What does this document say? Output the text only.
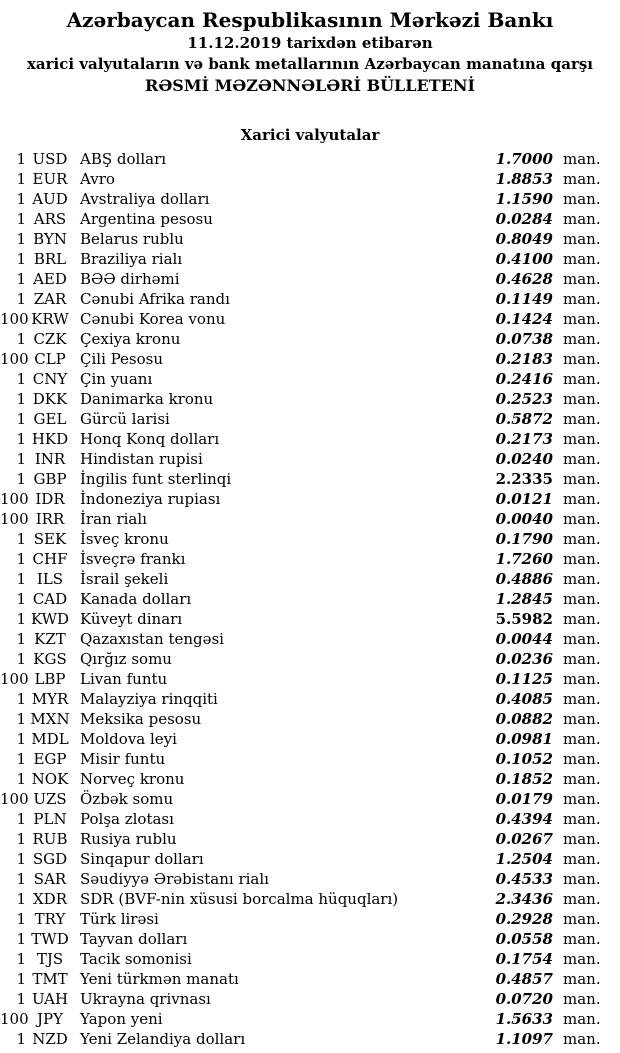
Azərbaycan Respublikasının Mərkəzi Bankı

11.12.2019 tarixdən etibarən

xarici valyutaların və bank metallarının Azərbaycan manatına qarşı

RƏSMİ MƏZƏNNƏLƏRİ BÜLLETENİ

Xarici valyutalar
1 USD ABŞ dolları	1.7000 man.
1 EUR Avro	1.8853 man.
1 AUD Avstraliya dolları	1.1590 man.
1 ARS Argentina pesosu	0.0284 man.
1 BYN Belarus rublu	0.8049 man.
1 BRL Braziliya rialı	0.4100 man.
1 AED BƏƏ dirhəmi	0.4628 man.
1 ZAR Cənubi Afrika randı	0.1149 man.
100 KRW Cənubi Korea vonu	0.1424 man.
1 CZK Çexiya kronu	0.0738 man.
100 CLP Çili Pesosu	0.2183 man.
1 CNY Çin yuanı	0.2416 man.
1 DKK Danimarka kronu	0.2523 man.
1 GEL Gürcü larisi	0.5872 man.
1 HKD Honq Konq dolları	0.2173 man.
1 INR Hindistan rupisi	0.0240 man.
1 GBP İngilis funt sterlinqi	2.2335 man.
100 IDR	İndoneziya rupiası	0.0121 man.
100 IRR	İran rialı	0.0040 man.
1 SEK İsveç kronu	0.1790 man.
1 CHF İsveçrə frankı	1.7260 man.
1 ILS	İsrail şekeli	0.4886 man.
1 CAD Kanada dolları	1.2845 man.
1 KWD Küveyt dinarı	5.5982 man.
1 KZT Qazaxıstan tengəsi	0.0044 man.
1 KGS Qırğız somu	0.0236 man.
100 LBP Livan funtu	0.1125 man.
1 MYR Malayziya rinqqiti	0.4085 man.
1 MXN Meksika pesosu	0.0882 man.
1 MDL Moldova leyi	0.0981 man.
1 EGP Misir funtu	0.1052 man.
1 NOK Norveç kronu	0.1852 man.
100 UZS Özbək somu	0.0179 man.
1 PLN Polşa zlotası	0.4394 man.
1 RUB Rusiya rublu	0.0267 man.
1 SGD Sinqapur dolları	1.2504 man.
1 SAR Səudiyyə Ərəbistanı rialı	0.4533 man.
1 XDR SDR (BVF-nin xüsusi borcalma hüquqları)	2.3436 man.
1 TRY Türk lirəsi	0.2928 man.
1 TWD Tayvan dolları	0.0558 man.
1 TJS	Tacik somonisi	0.1754 man.
1 TMT Yeni türkmən manatı	0.4857 man.
1 UAH Ukrayna qrivnası	0.0720 man.
100 JPY	Yapon yeni	1.5633 man.
1 NZD Yeni Zelandiya dolları	1.1097 man.
